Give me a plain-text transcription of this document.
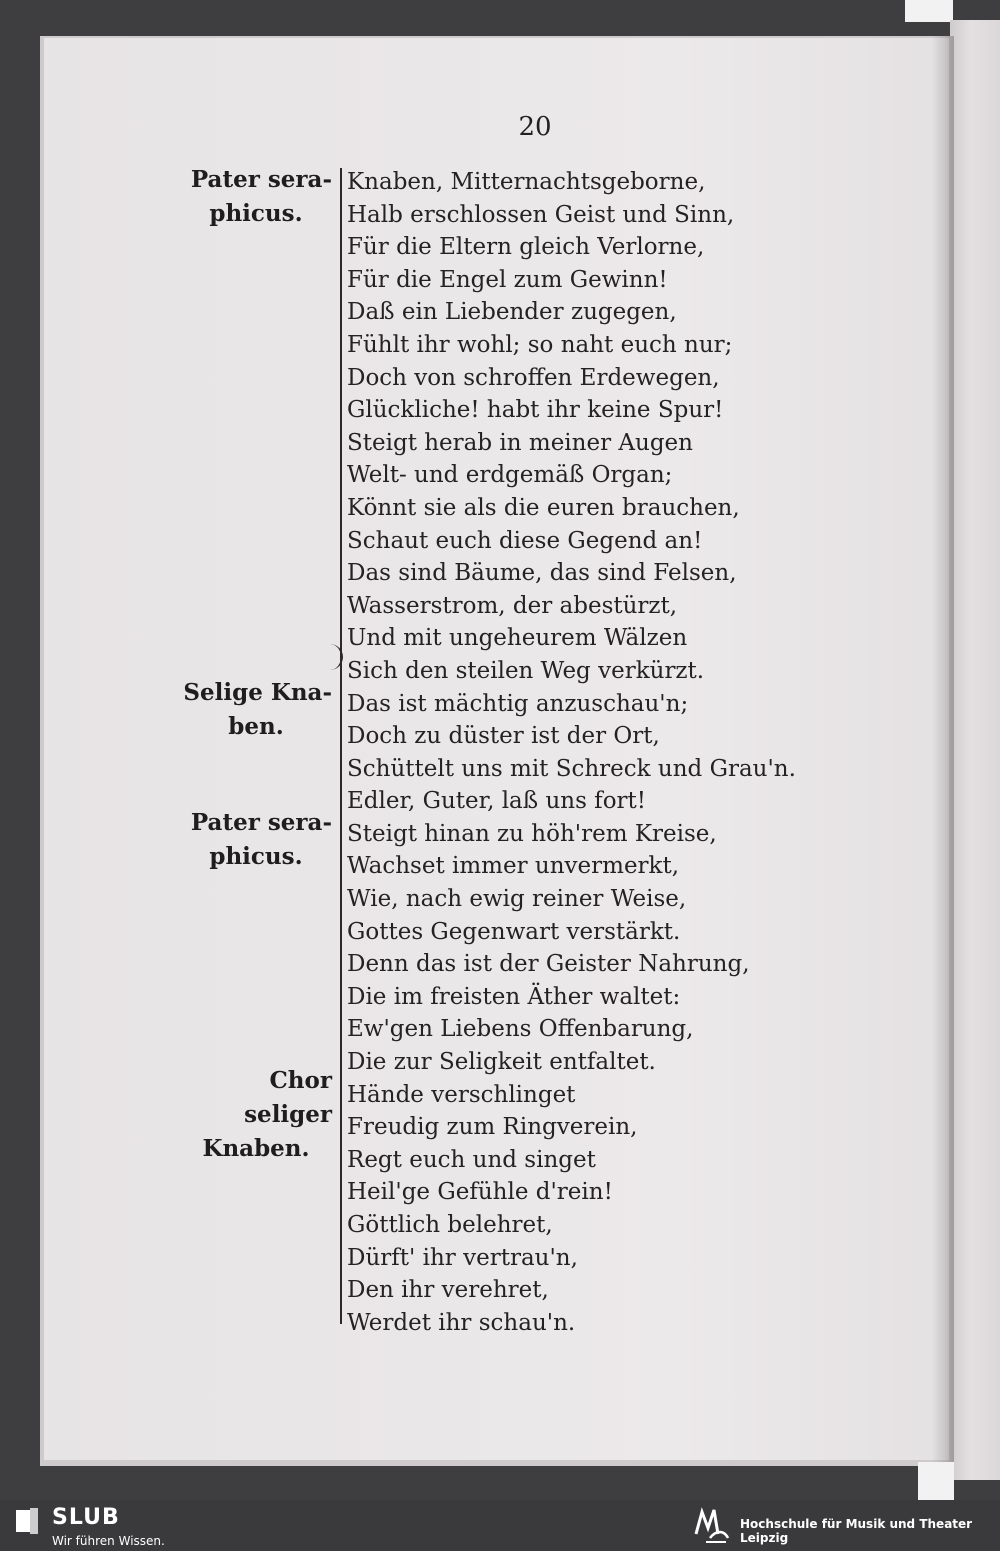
20
Pater sera-
phicus.
Selige Kna-
ben.
Pater sera-
phicus.
Chor seliger
Knaben.
Knaben, Mitternachtsgeborne,
Halb erschlossen Geist und Sinn,
Für die Eltern gleich Verlorne,
Für die Engel zum Gewinn!
Daß ein Liebender zugegen,
Fühlt ihr wohl; so naht euch nur;
Doch von schroffen Erdewegen,
Glückliche! habt ihr keine Spur!
Steigt herab in meiner Augen
Welt- und erdgemäß Organ;
Könnt sie als die euren brauchen,
Schaut euch diese Gegend an!
Das sind Bäume, das sind Felsen,
Wasserstrom, der abestürzt,
Und mit ungeheurem Wälzen
Sich den steilen Weg verkürzt.
Das ist mächtig anzuschau'n;
Doch zu düster ist der Ort,
Schüttelt uns mit Schreck und Grau'n.
Edler, Guter, laß uns fort!
Steigt hinan zu höh'rem Kreise,
Wachset immer unvermerkt,
Wie, nach ewig reiner Weise,
Gottes Gegenwart verstärkt.
Denn das ist der Geister Nahrung,
Die im freisten Äther waltet:
Ew'gen Liebens Offenbarung,
Die zur Seligkeit entfaltet.
Hände verschlinget
Freudig zum Ringverein,
Regt euch und singet
Heil'ge Gefühle d'rein!
Göttlich belehret,
Dürft' ihr vertrau'n,
Den ihr verehret,
Werdet ihr schau'n.
SLUB
Wir führen Wissen.
Hochschule für Musik und Theater Leipzig
